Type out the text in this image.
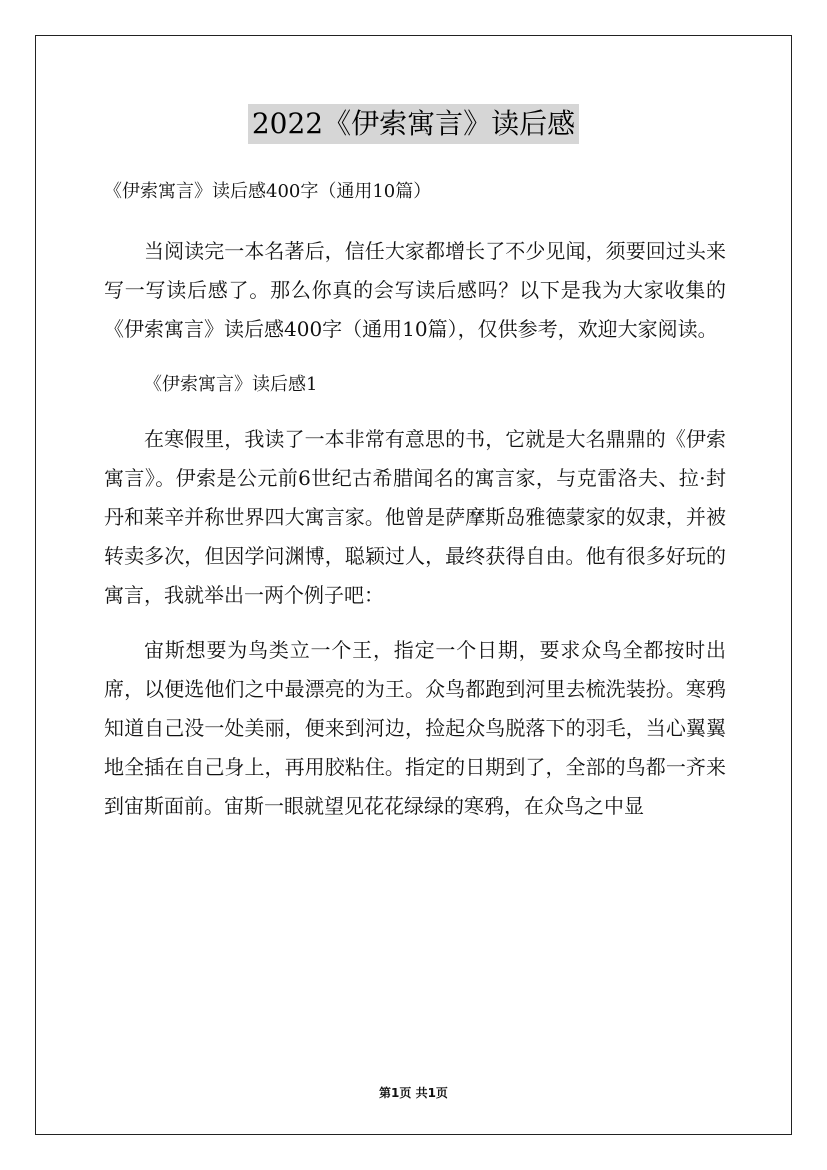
2022《伊索寓言》读后感
《伊索寓言》读后感400字（通用10篇）

当阅读完一本名著后，信任大家都增长了不少见闻，须要回过头来写一写读后感了。那么你真的会写读后感吗？以下是我为大家收集的《伊索寓言》读后感400字（通用10篇），仅供参考，欢迎大家阅读。

《伊索寓言》读后感1

在寒假里，我读了一本非常有意思的书，它就是大名鼎鼎的《伊索寓言》。伊索是公元前6世纪古希腊闻名的寓言家，与克雷洛夫、拉·封丹和莱辛并称世界四大寓言家。他曾是萨摩斯岛雅德蒙家的奴隶，并被转卖多次，但因学问渊博，聪颖过人，最终获得自由。他有很多好玩的寓言，我就举出一两个例子吧：

宙斯想要为鸟类立一个王，指定一个日期，要求众鸟全都按时出席，以便选他们之中最漂亮的为王。众鸟都跑到河里去梳洗装扮。寒鸦知道自己没一处美丽，便来到河边，捡起众鸟脱落下的羽毛，当心翼翼地全插在自己身上，再用胶粘住。指定的日期到了，全部的鸟都一齐来到宙斯面前。宙斯一眼就望见花花绿绿的寒鸦，在众鸟之中显

第1页 共1页
